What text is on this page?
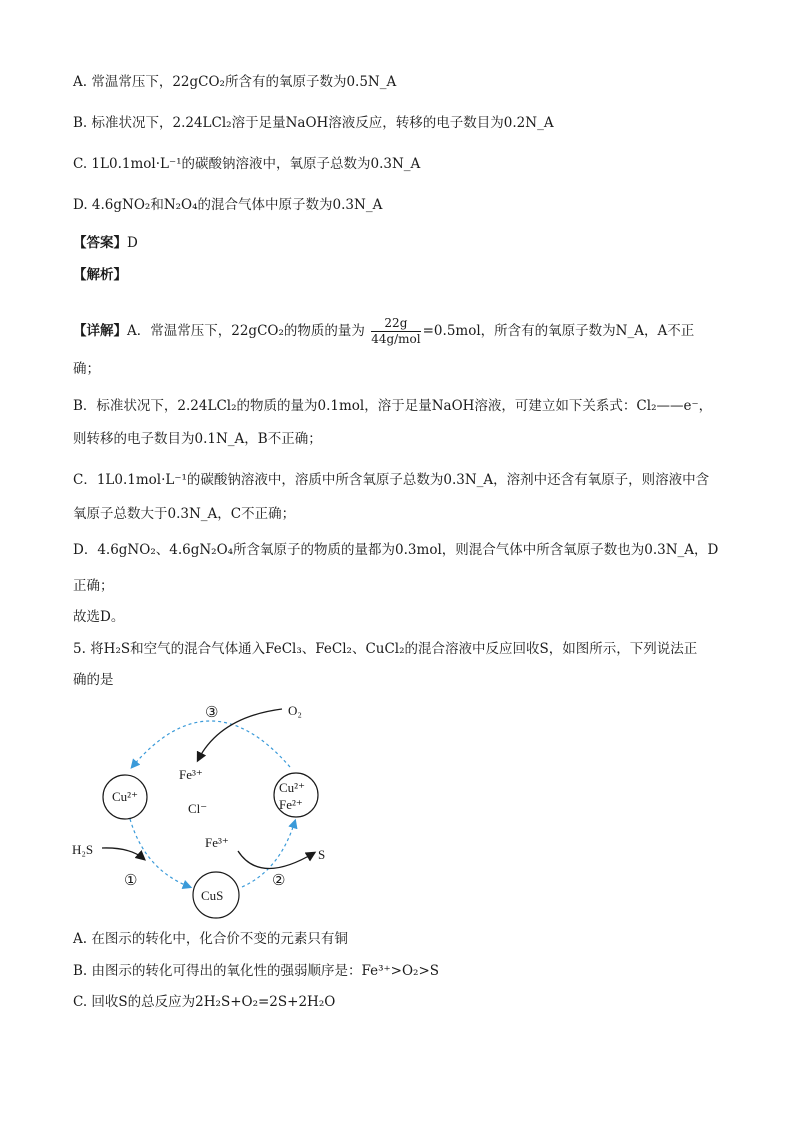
A. 常温常压下，22gCO₂所含有的氧原子数为0.5N_A
B. 标准状况下，2.24LCl₂溶于足量NaOH溶液反应，转移的电子数目为0.2N_A
C. 1L0.1mol·L⁻¹的碳酸钠溶液中，氧原子总数为0.3N_A
D. 4.6gNO₂和N₂O₄的混合气体中原子数为0.3N_A
【答案】D
【解析】
【详解】A．常温常压下，22gCO₂的物质的量为 $\frac{22g}{\text{44g/mol}} =0.5mol$，所含有的氧原子数为N_A，A不正
确；
B．标准状况下，2.24LCl₂的物质的量为0.1mol，溶于足量NaOH溶液，可建立如下关系式：Cl₂——e⁻，
则转移的电子数目为0.1N_A，B不正确；
C．1L0.1mol·L⁻¹的碳酸钠溶液中，溶质中所含氧原子总数为0.3N_A，溶剂中还含有氧原子，则溶液中含
氧原子总数大于0.3N_A，C不正确；
D．4.6gNO₂、4.6gN₂O₄所含氧原子的物质的量都为0.3mol，则混合气体中所含氧原子数也为0.3N_A，D
正确；
故选D。
5. 将H₂S和空气的混合气体通入FeCl₃、FeCl₂、CuCl₂的混合溶液中反应回收S，如图所示，下列说法正
确的是
③	O₂
Fe³⁺
Cl⁻
Cu²⁺
Cu²⁺
Fe²⁺
H₂S
①
Fe³⁺
S
CuS
②
A. 在图示的转化中，化合价不变的元素只有铜
B. 由图示的转化可得出的氧化性的强弱顺序是：Fe³⁺>O₂>S
C. 回收S的总反应为2H₂S+O₂=2S+2H₂O
